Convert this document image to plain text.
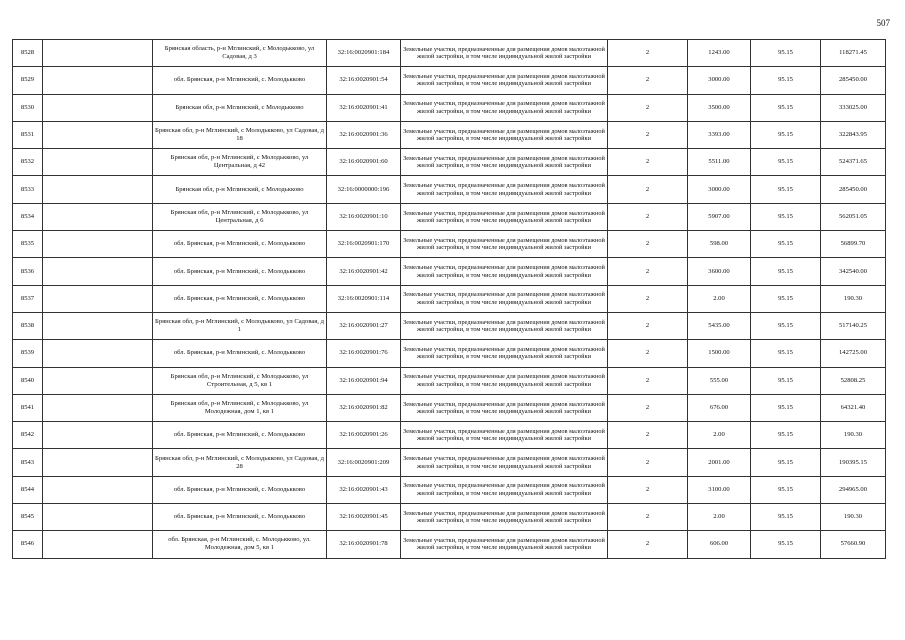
507
8528		Брянская область, р-н Мглинский, с Молодькково, ул Садовая, д 3	32:16:0020901:184	Земельные участки, предназначенные для размещения домов малоэтажной жилой застройки, в том числе индивидуальной жилой застройки	2	1243.00	95.15	118271.45
8529		обл. Брянская, р-н Мглинский, с. Молодькково	32:16:0020901:54	Земельные участки, предназначенные для размещения домов малоэтажной жилой застройки, в том числе индивидуальной жилой застройки	2	3000.00	95.15	285450.00
8530		Брянская обл, р-н Мглинский, с Молодькково	32:16:0020901:41	Земельные участки, предназначенные для размещения домов малоэтажной жилой застройки, в том числе индивидуальной жилой застройки	2	3500.00	95.15	333025.00
8531		Брянская обл, р-н Мглинский, с Молодькково, ул Садовая, д 18	32:16:0020901:36	Земельные участки, предназначенные для размещения домов малоэтажной жилой застройки, в том числе индивидуальной жилой застройки	2	3393.00	95.15	322843.95
8532		Брянская обл, р-н Мглинский, с Молодькково, ул Центральная, д 42	32:16:0020901:60	Земельные участки, предназначенные для размещения домов малоэтажной жилой застройки, в том числе индивидуальной жилой застройки	2	5511.00	95.15	524371.65
8533		Брянская обл, р-н Мглинский, с Молодькково	32:16:0000000:196	Земельные участки, предназначенные для размещения домов малоэтажной жилой застройки, в том числе индивидуальной жилой застройки	2	3000.00	95.15	285450.00
8534		Брянская обл, р-н Мглинский, с Молодькково, ул Центральная, д 6	32:16:0020901:10	Земельные участки, предназначенные для размещения домов малоэтажной жилой застройки, в том числе индивидуальной жилой застройки	2	5907.00	95.15	562051.05
8535		обл. Брянская, р-н Мглинский, с. Молодькково	32:16:0020901:170	Земельные участки, предназначенные для размещения домов малоэтажной жилой застройки, в том числе индивидуальной жилой застройки	2	598.00	95.15	56899.70
8536		обл. Брянская, р-н Мглинский, с. Молодькково	32:16:0020901:42	Земельные участки, предназначенные для размещения домов малоэтажной жилой застройки, в том числе индивидуальной жилой застройки	2	3600.00	95.15	342540.00
8537		обл. Брянская, р-н Мглинский, с. Молодькково	32:16:0020901:114	Земельные участки, предназначенные для размещения домов малоэтажной жилой застройки, в том числе индивидуальной жилой застройки	2	2.00	95.15	190.30
8538		Брянская обл, р-н Мглинский, с Молодькково, ул Садовая, д 1	32:16:0020901:27	Земельные участки, предназначенные для размещения домов малоэтажной жилой застройки, в том числе индивидуальной жилой застройки	2	5435.00	95.15	517140.25
8539		обл. Брянская, р-н Мглинский, с. Молодькково	32:16:0020901:76	Земельные участки, предназначенные для размещения домов малоэтажной жилой застройки, в том числе индивидуальной жилой застройки	2	1500.00	95.15	142725.00
8540		Брянская обл, р-н Мглинский, с Молодькково, ул Строительная, д 5, кв 1	32:16:0020901:94	Земельные участки, предназначенные для размещения домов малоэтажной жилой застройки, в том числе индивидуальной жилой застройки	2	555.00	95.15	52808.25
8541		Брянская обл, р-н Мглинский, с Молодькково, ул Молодежная, дом 1, кв 1	32:16:0020901:82	Земельные участки, предназначенные для размещения домов малоэтажной жилой застройки, в том числе индивидуальной жилой застройки	2	676.00	95.15	64321.40
8542		обл. Брянская, р-н Мглинский, с. Молодькково	32:16:0020901:26	Земельные участки, предназначенные для размещения домов малоэтажной жилой застройки, в том числе индивидуальной жилой застройки	2	2.00	95.15	190.30
8543		Брянская обл, р-н Мглинский, с Молодькково, ул Садовая, д 28	32:16:0020901:209	Земельные участки, предназначенные для размещения домов малоэтажной жилой застройки, в том числе индивидуальной жилой застройки	2	2001.00	95.15	190395.15
8544		обл. Брянская, р-н Мглинский, с. Молодькково	32:16:0020901:43	Земельные участки, предназначенные для размещения домов малоэтажной жилой застройки, в том числе индивидуальной жилой застройки	2	3100.00	95.15	294965.00
8545		обл. Брянская, р-н Мглинский, с. Молодькково	32:16:0020901:45	Земельные участки, предназначенные для размещения домов малоэтажной жилой застройки, в том числе индивидуальной жилой застройки	2	2.00	95.15	190.30
8546		обл. Брянская, р-н Мглинский, с. Молодькково, ул. Молодежная, дом 5, кв 1	32:16:0020901:78	Земельные участки, предназначенные для размещения домов малоэтажной жилой застройки, в том числе индивидуальной жилой застройки	2	606.00	95.15	57660.90
